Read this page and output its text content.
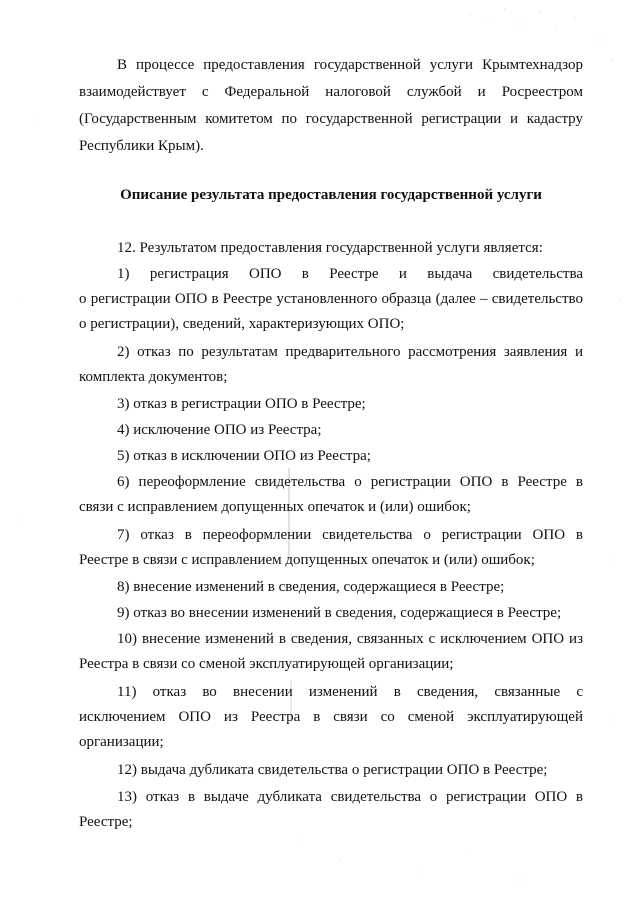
В процессе предоставления государственной услуги Крымтехнадзор
взаимодействует с Федеральной налоговой службой и Росреестром
(Государственным комитетом по государственной регистрации и кадастру
Республики Крым).
Описание результата предоставления государственной услуги
12. Результатом предоставления государственной услуги является:
1) регистрация ОПО в Реестре и выдача свидетельства
о регистрации ОПО в Реестре установленного образца (далее – свидетельство
о регистрации), сведений, характеризующих ОПО;
2) отказ по результатам предварительного рассмотрения заявления и
комплекта документов;
3) отказ в регистрации ОПО в Реестре;
4) исключение ОПО из Реестра;
5) отказ в исключении ОПО из Реестра;
6) переоформление свидетельства о регистрации ОПО в Реестре в
связи с исправлением допущенных опечаток и (или) ошибок;
7) отказ в переоформлении свидетельства о регистрации ОПО в
Реестре в связи с исправлением допущенных опечаток и (или) ошибок;
8) внесение изменений в сведения, содержащиеся в Реестре;
9) отказ во внесении изменений в сведения, содержащиеся в Реестре;
10) внесение изменений в сведения, связанных с исключением ОПО из
Реестра в связи со сменой эксплуатирующей организации;
11) отказ во внесении изменений в сведения, связанные с
исключением ОПО из Реестра в связи со сменой эксплуатирующей
организации;
12) выдача дубликата свидетельства о регистрации ОПО в Реестре;
13) отказ в выдаче дубликата свидетельства о регистрации ОПО в
Реестре;
